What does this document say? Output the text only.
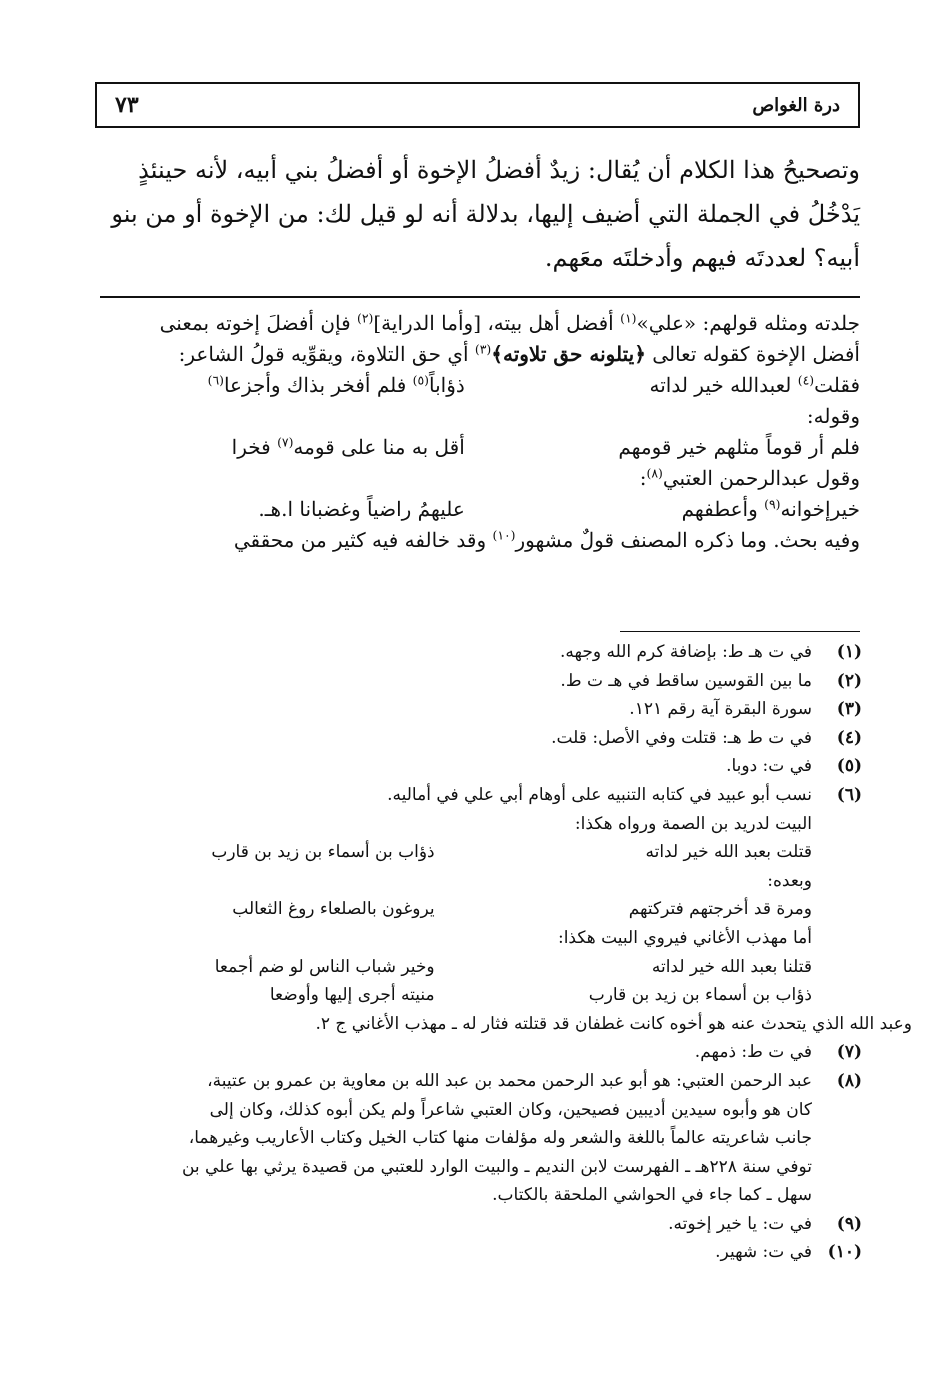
درة الغواص
٧٣

وتصحيحُ هذا الكلام أن يُقال: زيدٌ أفضلُ الإخوة أو أفضلُ بني أبيه، لأنه حينئذٍ

يَدْخُلُ في الجملة التي أضيف إليها، بدلالة أنه لو قيل لك: من الإخوة أو من بنو

أبيه؟ لعددتَه فيهم وأدخلتَه معَهم.

جلدته ومثله قولهم: «علي»$^{(١)}$ أفضل أهل بيته، [وأما الدراية]$^{(٢)}$ فإن أفضلَ إخوته بمعنى

أفضل الإخوة كقوله تعالى ﴿يتلونه حق تلاوته﴾$^{(٣)}$ أي حق التلاوة، ويقوِّيه قولُ الشاعر:

فقلت$^{(٤)}$ لعبدالله خير لداته
ذؤاباً$^{(٥)}$ فلم أفخر بذاك وأجزعا$^{(٦)}$

وقوله:

فلم أر قوماً مثلهم خير قومهم
أقل به منا على قومه$^{(٧)}$ فخرا

وقول عبدالرحمن العتبي$^{(٨)}$:

خيرإخوانه$^{(٩)}$ وأعطفهم
عليهمُ راضياً وغضبانا ا.هـ.

وفيه بحث. وما ذكره المصنف قولٌ مشهور$^{(١٠)}$ وقد خالفه فيه كثير من محققي

(١)
في ت هـ ط: بإضافة كرم الله وجهه.
(٢)
ما بين القوسين ساقط في هـ ت ط.
(٣)
سورة البقرة آية رقم ١٢١.
(٤)
في ت ط هـ: قتلت وفي الأصل: قلت.
(٥)
في ت: دوبا.
(٦)

نسب أبو عبيد في كتابه التنبيه على أوهام أبي علي في أماليه.

البيت لدريد بن الصمة ورواه هكذا:

قتلت بعبد الله خير لداته
ذؤاب بن أسماء بن زيد بن قارب

وبعده:

ومرة قد أخرجتهم فتركتهم
يروغون بالصلعاء روغ الثعالب

أما مهذب الأغاني فيروي البيت هكذا:

قتلنا بعبد الله خير لداته
وخير شباب الناس لو ضم أجمعا
ذؤاب بن أسماء بن زيد بن قارب
منيته أجرى إليها وأوضعا
وعبد الله الذي يتحدث عنه هو أخوه كانت غطفان قد قتلته فثار له ـ مهذب الأغاني ج ٢.
(٧)
في ت ط: ذمهم.
(٨)

عبد الرحمن العتبي: هو أبو عبد الرحمن محمد بن عبد الله بن معاوية بن عمرو بن عتيبة،

كان هو وأبوه سيدين أديبين فصيحين، وكان العتبي شاعراً ولم يكن أبوه كذلك، وكان إلى

جانب شاعريته عالماً باللغة والشعر وله مؤلفات منها كتاب الخيل وكتاب الأعاريب وغيرهما،

توفي سنة ٢٢٨هـ ـ الفهرست لابن النديم ـ والبيت الوارد للعتبي من قصيدة يرثي بها علي بن

سهل ـ كما جاء في الحواشي الملحقة بالكتاب.

(٩)
في ت: يا خير إخوته.
(١٠)
في ت: شهير.
